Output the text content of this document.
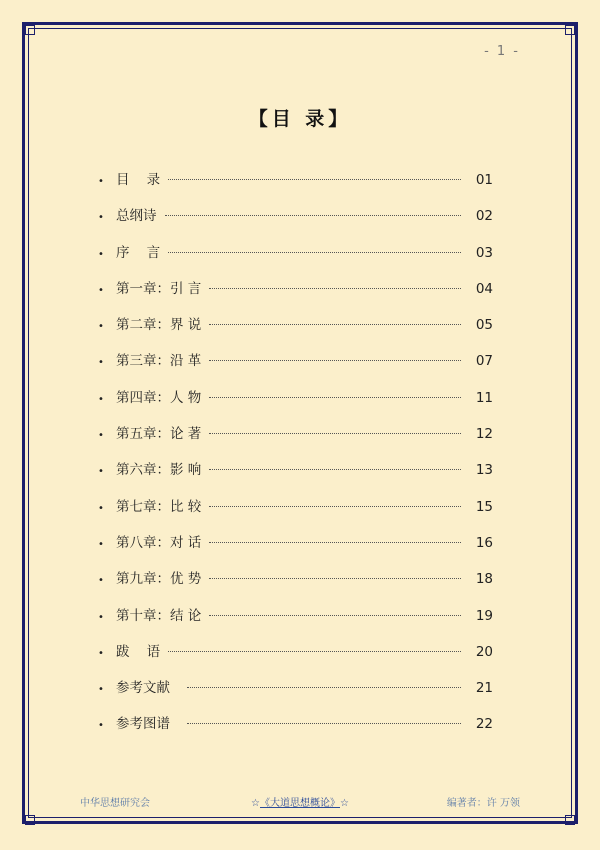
- 1 -
【目 录】
• 目    录	01
• 总纲诗	02
• 序    言	03
• 第一章：引 言	04
• 第二章：界 说	05
• 第三章：沿 革	07
• 第四章：人 物	11
• 第五章：论 著	12
• 第六章：影 响	13
• 第七章：比 较	15
• 第八章：对 话	16
• 第九章：优 势	18
• 第十章：结 论	19
• 跋    语	20
• 参考文献	21
• 参考图谱	22
中华思想研究会	☆《大道思想概论》☆	编著者：许 万领
